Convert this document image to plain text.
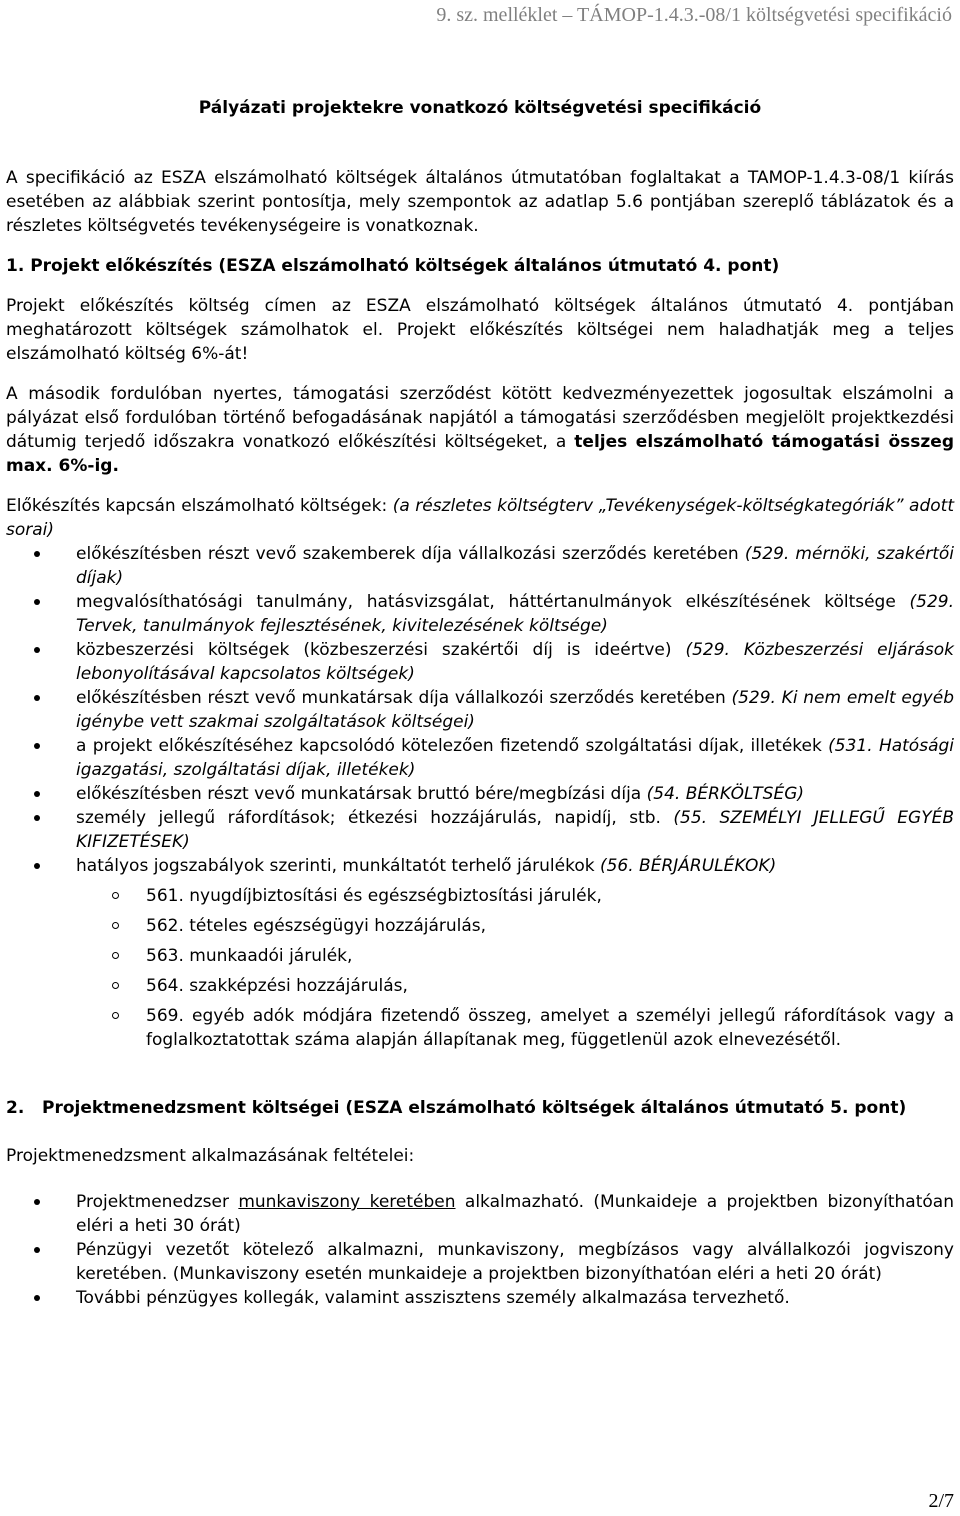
9. sz. melléklet – TÁMOP-1.4.3.-08/1 költségvetési specifikáció

Pályázati projektekre vonatkozó költségvetési specifikáció

A specifikáció az ESZA elszámolható költségek általános útmutatóban foglaltakat a TAMOP-1.4.3-08/1 kiírás esetében az alábbiak szerint pontosítja, mely szempontok az adatlap 5.6 pontjában szereplő táblázatok és a részletes költségvetés tevékenységeire is vonatkoznak.

1. Projekt előkészítés (ESZA elszámolható költségek általános útmutató 4. pont)

Projekt előkészítés költség címen az ESZA elszámolható költségek általános útmutató 4. pontjában meghatározott költségek számolhatok el. Projekt előkészítés költségei nem haladhatják meg a teljes elszámolható költség 6%-át!

A második fordulóban nyertes, támogatási szerződést kötött kedvezményezettek jogosultak elszámolni a pályázat első fordulóban történő befogadásának napjától a támogatási szerződésben megjelölt projektkezdési dátumig terjedő időszakra vonatkozó előkészítési költségeket, a teljes elszámolható támogatási összeg max. 6%-ig.

Előkészítés kapcsán elszámolható költségek: (a részletes költségterv „Tevékenységek-költségkategóriák” adott sorai)

előkészítésben részt vevő szakemberek díja vállalkozási szerződés keretében (529. mérnöki, szakértői díjak)
megvalósíthatósági tanulmány, hatásvizsgálat, háttértanulmányok elkészítésének költsége (529. Tervek, tanulmányok fejlesztésének, kivitelezésének költsége)
közbeszerzési költségek (közbeszerzési szakértői díj is ideértve) (529. Közbeszerzési eljárások lebonyolításával kapcsolatos költségek)
előkészítésben részt vevő munkatársak díja vállalkozói szerződés keretében (529. Ki nem emelt egyéb igénybe vett szakmai szolgáltatások költségei)
a projekt előkészítéséhez kapcsolódó kötelezően fizetendő szolgáltatási díjak, illetékek (531. Hatósági igazgatási, szolgáltatási díjak, illetékek)
előkészítésben részt vevő munkatársak bruttó bére/megbízási díja (54. BÉRKÖLTSÉG)
személy jellegű ráfordítások; étkezési hozzájárulás, napidíj, stb. (55. SZEMÉLYI JELLEGŰ EGYÉB KIFIZETÉSEK)
hatályos jogszabályok szerinti, munkáltatót terhelő járulékok (56. BÉRJÁRULÉKOK)
561. nyugdíjbiztosítási és egészségbiztosítási járulék,
562. tételes egészségügyi hozzájárulás,
563. munkaadói járulék,
564. szakképzési hozzájárulás,
569. egyéb adók módjára fizetendő összeg, amelyet a személyi jellegű ráfordítások vagy a foglalkoztatottak száma alapján állapítanak meg, függetlenül azok elnevezésétől.

2. Projektmenedzsment költségei (ESZA elszámolható költségek általános útmutató 5. pont)

Projektmenedzsment alkalmazásának feltételei:

Projektmenedzser munkaviszony keretében alkalmazható. (Munkaideje a projektben bizonyíthatóan eléri a heti 30 órát)
Pénzügyi vezetőt kötelező alkalmazni, munkaviszony, megbízásos vagy alvállalkozói jogviszony keretében. (Munkaviszony esetén munkaideje a projektben bizonyíthatóan eléri a heti 20 órát)
További pénzügyes kollegák, valamint asszisztens személy alkalmazása tervezhető.
2/7
